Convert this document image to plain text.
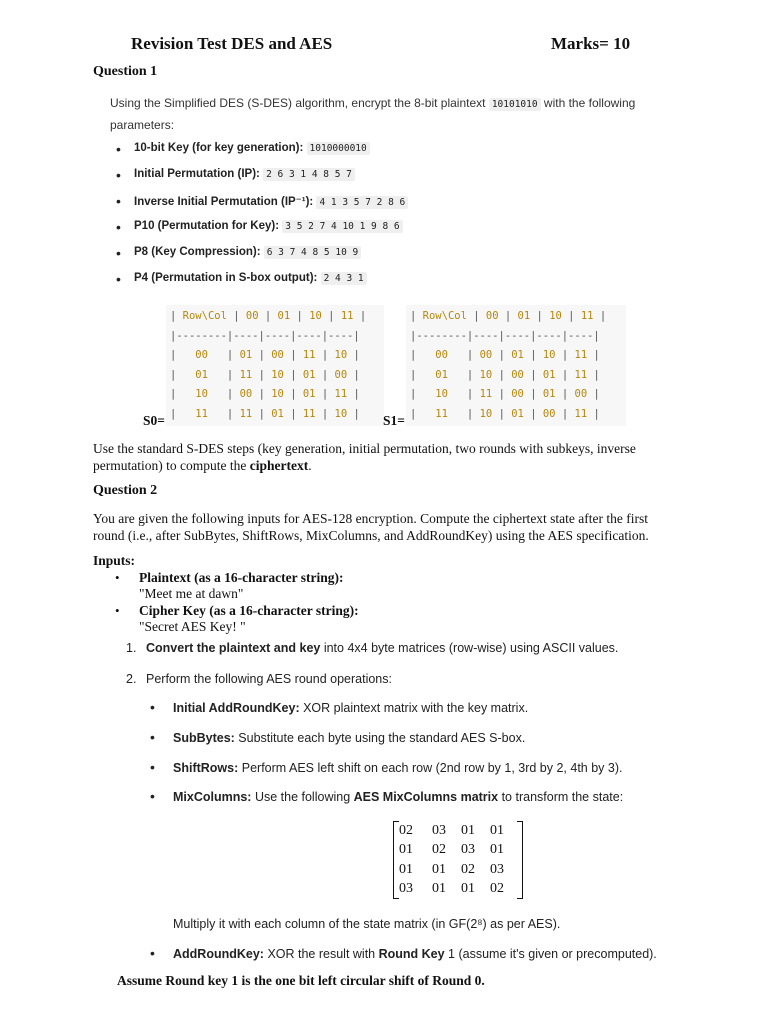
Revision Test DES and AES	Marks= 10
Question 1
Using the Simplified DES (S-DES) algorithm, encrypt the 8-bit plaintext 10101010 with the following
parameters:
• 10-bit Key (for key generation): 1010000010
• Initial Permutation (IP): 2 6 3 1 4 8 5 7
• Inverse Initial Permutation (IP⁻¹): 4 1 3 5 7 2 8 6
• P10 (Permutation for Key): 3 5 2 7 4 10 1 9 8 6
• P8 (Key Compression): 6 3 7 4 8 5 10 9
• P4 (Permutation in S-box output): 2 4 3 1
| Row\Col | 00 | 01 | 10 | 11 |
|--------|----|----|----|----|
| 00 | 01 | 00 | 11 | 10 |
| 01 | 11 | 10 | 01 | 00 |
| 10 | 00 | 10 | 01 | 11 |
| 11 | 11 | 01 | 11 | 10 |
| Row\Col | 00 | 01 | 10 | 11 |
|--------|----|----|----|----|
| 00 | 00 | 01 | 10 | 11 |
| 01 | 10 | 00 | 01 | 11 |
| 10 | 11 | 00 | 01 | 00 |
| 11 | 10 | 01 | 00 | 11 |
S0=	S1=
Use the standard S-DES steps (key generation, initial permutation, two rounds with subkeys, inverse
permutation) to compute the ciphertext.
Question 2
You are given the following inputs for AES-128 encryption. Compute the ciphertext state after the first
round (i.e., after SubBytes, ShiftRows, MixColumns, and AddRoundKey) using the AES specification.
Inputs:
• Plaintext (as a 16-character string):
"Meet me at dawn"
• Cipher Key (as a 16-character string):
"Secret AES Key! "
1. Convert the plaintext and key into 4x4 byte matrices (row-wise) using ASCII values.
2. Perform the following AES round operations:
• Initial AddRoundKey: XOR plaintext matrix with the key matrix.
• SubBytes: Substitute each byte using the standard AES S-box.
• ShiftRows: Perform AES left shift on each row (2nd row by 1, 3rd by 2, 4th by 3).
• MixColumns: Use the following AES MixColumns matrix to transform the state:
02	03	01	01
01	02	03	01
01	01	02	03
03	01	01	02
Multiply it with each column of the state matrix (in GF(2⁸) as per AES).
• AddRoundKey: XOR the result with Round Key 1 (assume it's given or precomputed).
Assume Round key 1 is the one bit left circular shift of Round 0.
